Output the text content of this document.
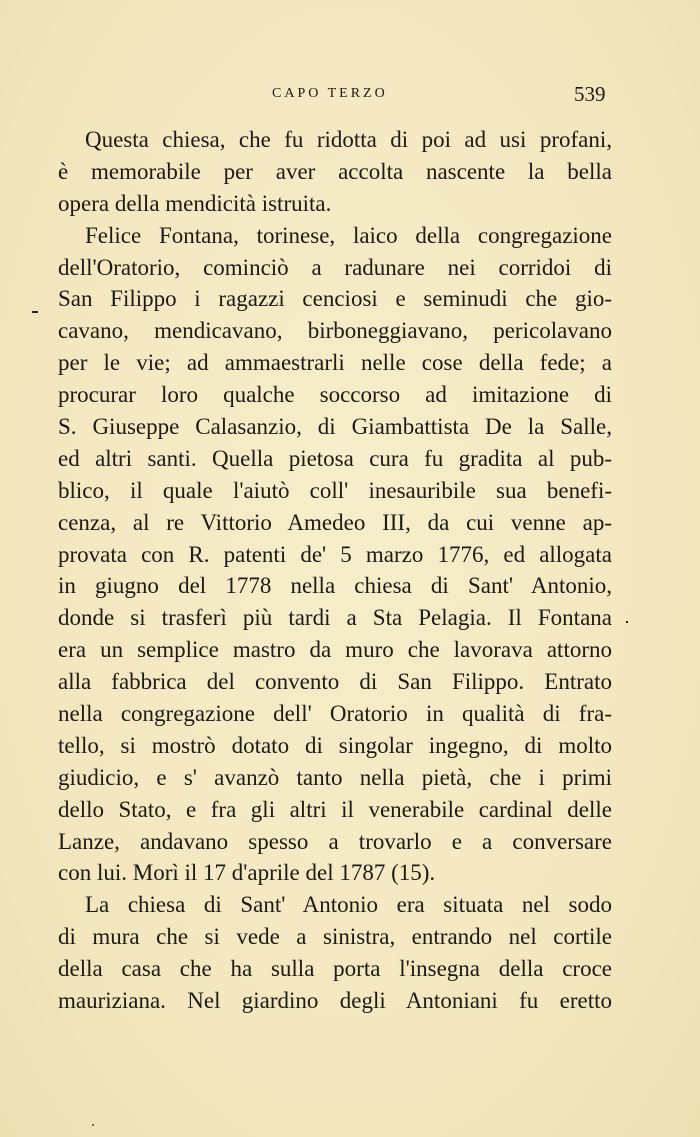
CAPO TERZO	539
Questa chiesa, che fu ridotta di poi ad usi profani,
è memorabile per aver accolta nascente la bella
opera della mendicità istruita.
Felice Fontana, torinese, laico della congregazione
dell'Oratorio, cominciò a radunare nei corridoi di
San Filippo i ragazzi cenciosi e seminudi che gio-
cavano, mendicavano, birboneggiavano, pericolavano
per le vie; ad ammaestrarli nelle cose della fede; a
procurar loro qualche soccorso ad imitazione di
S. Giuseppe Calasanzio, di Giambattista De la Salle,
ed altri santi. Quella pietosa cura fu gradita al pub-
blico, il quale l'aiutò coll' inesauribile sua benefi-
cenza, al re Vittorio Amedeo III, da cui venne ap-
provata con R. patenti de' 5 marzo 1776, ed allogata
in giugno del 1778 nella chiesa di Sant' Antonio,
donde si trasferì più tardi a Sta Pelagia. Il Fontana
era un semplice mastro da muro che lavorava attorno
alla fabbrica del convento di San Filippo. Entrato
nella congregazione dell' Oratorio in qualità di fra-
tello, si mostrò dotato di singolar ingegno, di molto
giudicio, e s' avanzò tanto nella pietà, che i primi
dello Stato, e fra gli altri il venerabile cardinal delle
Lanze, andavano spesso a trovarlo e a conversare
con lui. Morì il 17 d'aprile del 1787 (15).
La chiesa di Sant' Antonio era situata nel sodo
di mura che si vede a sinistra, entrando nel cortile
della casa che ha sulla porta l'insegna della croce
mauriziana. Nel giardino degli Antoniani fu eretto
